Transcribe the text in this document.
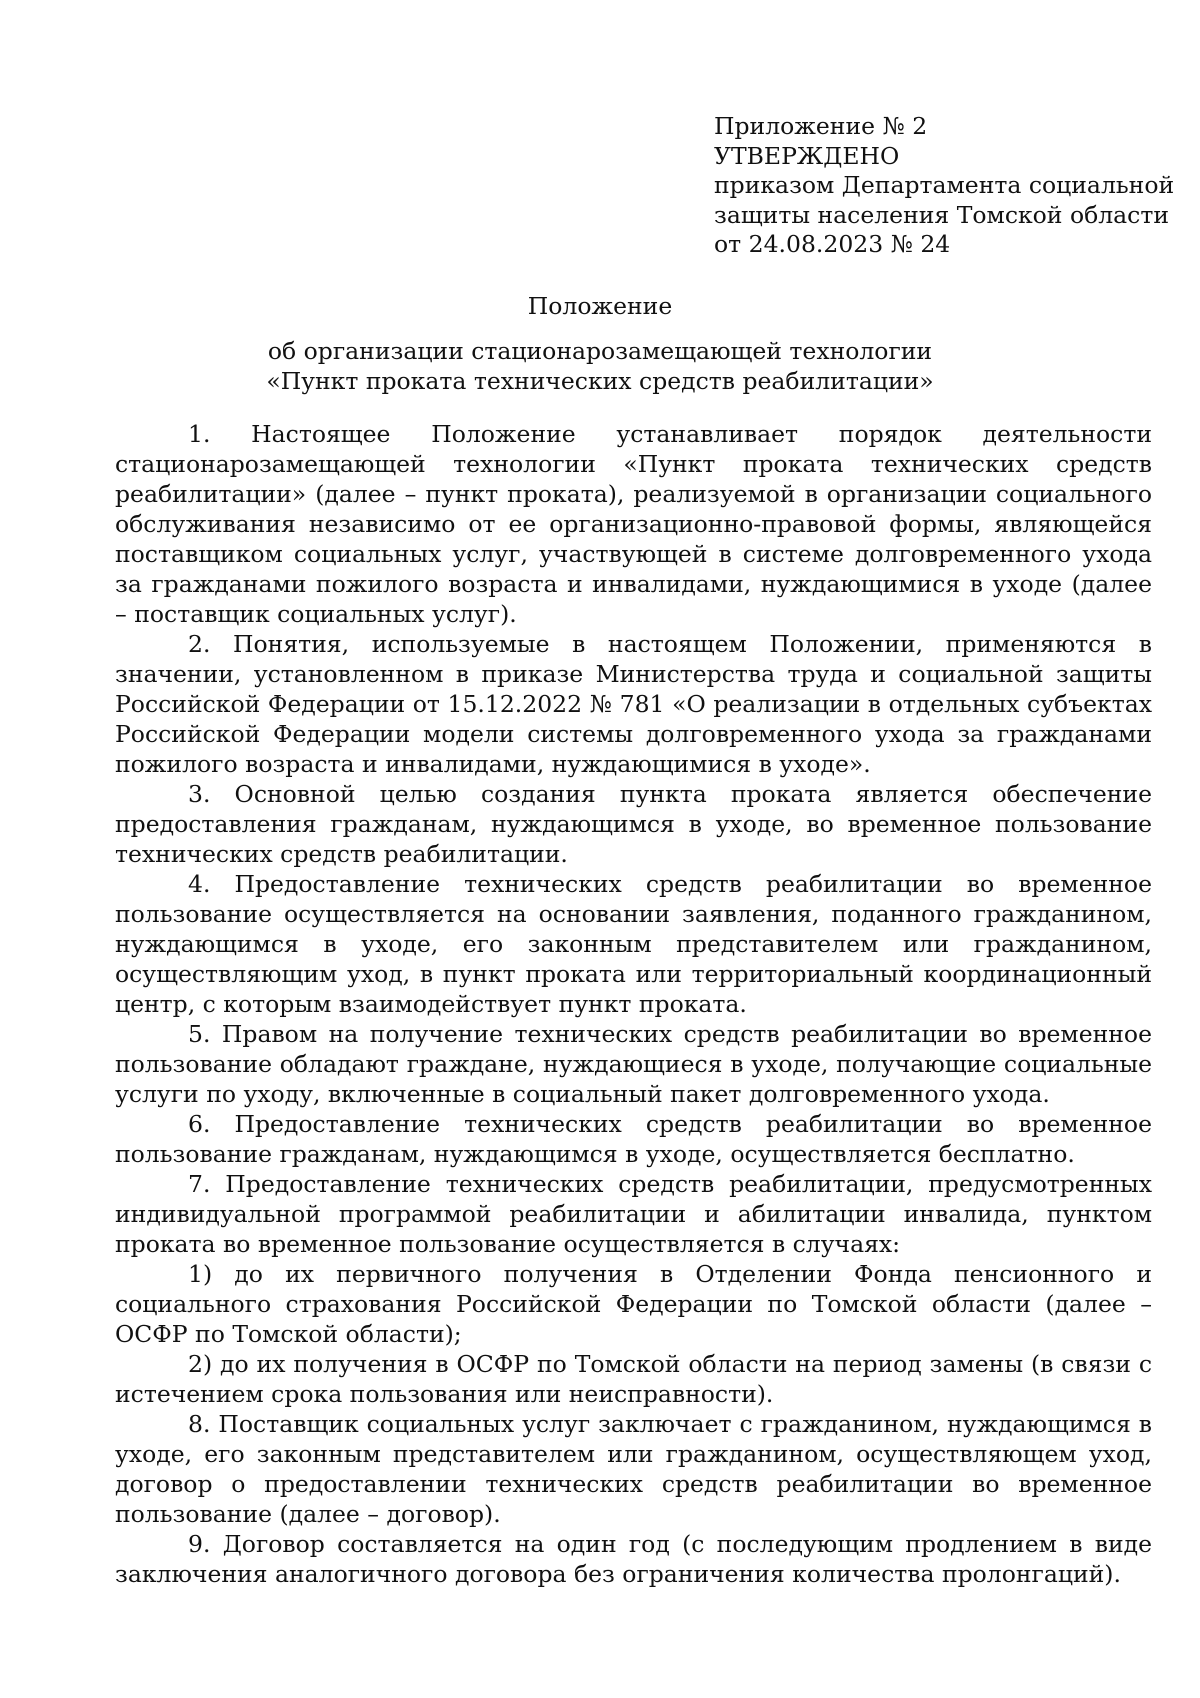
Приложение № 2
УТВЕРЖДЕНО
приказом Департамента социальной
защиты населения Томской области
от 24.08.2023 № 24
Положение
об организации стационарозамещающей технологии
«Пункт проката технических средств реабилитации»

1. Настоящее Положение устанавливает порядок деятельности стационарозамещающей технологии «Пункт проката технических средств реабилитации» (далее – пункт проката), реализуемой в организации социального обслуживания независимо от ее организационно-правовой формы, являющейся поставщиком социальных услуг, участвующей в системе долговременного ухода за гражданами пожилого возраста и инвалидами, нуждающимися в уходе (далее – поставщик социальных услуг).

2. Понятия, используемые в настоящем Положении, применяются в значении, установленном в приказе Министерства труда и социальной защиты Российской Федерации от 15.12.2022 № 781 «О реализации в отдельных субъектах Российской Федерации модели системы долговременного ухода за гражданами пожилого возраста и инвалидами, нуждающимися в уходе».

3. Основной целью создания пункта проката является обеспечение предоставления гражданам, нуждающимся в уходе, во временное пользование технических средств реабилитации.

4. Предоставление технических средств реабилитации во временное пользование осуществляется на основании заявления, поданного гражданином, нуждающимся в уходе, его законным представителем или гражданином, осуществляющим уход, в пункт проката или территориальный координационный центр, с которым взаимодействует пункт проката.

5. Правом на получение технических средств реабилитации во временное пользование обладают граждане, нуждающиеся в уходе, получающие социальные услуги по уходу, включенные в социальный пакет долговременного ухода.

6. Предоставление технических средств реабилитации во временное пользование гражданам, нуждающимся в уходе, осуществляется бесплатно.

7. Предоставление технических средств реабилитации, предусмотренных индивидуальной программой реабилитации и абилитации инвалида, пунктом проката во временное пользование осуществляется в случаях:

1) до их первичного получения в Отделении Фонда пенсионного и социального страхования Российской Федерации по Томской области (далее – ОСФР по Томской области);

2) до их получения в ОСФР по Томской области на период замены (в связи с истечением срока пользования или неисправности).

8. Поставщик социальных услуг заключает с гражданином, нуждающимся в уходе, его законным представителем или гражданином, осуществляющем уход, договор о предоставлении технических средств реабилитации во временное пользование (далее – договор).

9. Договор составляется на один год (с последующим продлением в виде заключения аналогичного договора без ограничения количества пролонгаций).
